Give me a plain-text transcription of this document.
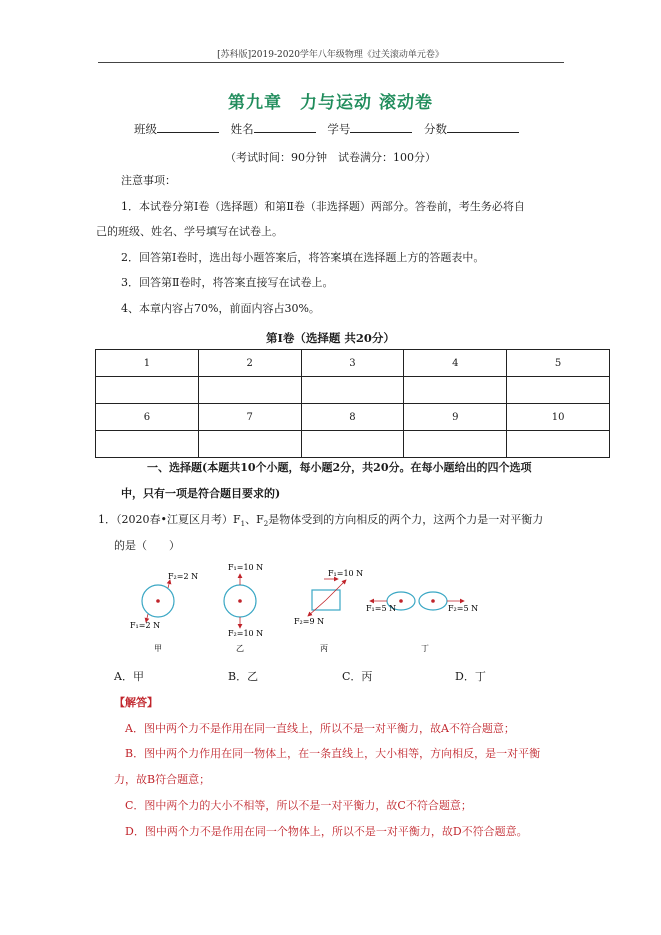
[苏科版]2019-2020学年八年级物理《过关滚动单元卷》
第九章　力与运动 滚动卷
班级	姓名	学号	分数
（考试时间：90分钟　试卷满分：100分）
注意事项：
1．本试卷分第Ⅰ卷（选择题）和第Ⅱ卷（非选择题）两部分。答卷前，考生务必将自
己的班级、姓名、学号填写在试卷上。
2．回答第Ⅰ卷时，选出每小题答案后，将答案填在选择题上方的答题表中。
3．回答第Ⅱ卷时，将答案直接写在试卷上。
4、本章内容占70%，前面内容占30%。
第Ⅰ卷（选择题 共20分）
1	2	3	4	5

6	7	8	9	10

一、选择题(本题共10个小题，每小题2分，共20分。在每小题给出的四个选项
中，只有一项是符合题目要求的)
1．（2020春•江夏区月考）$F_1$、$F_2$是物体受到的方向相反的两个力，这两个力是一对平衡力
的是（　　）
F₂=2 N
F₁=2 N
F₁=10 N
F₂=10 N
F₁=10 N
F₂=9 N
F₁=5 N	F₂=5 N
甲	乙	丙	丁
A．甲	B．乙	C．丙	D．丁
【解答】
A．图中两个力不是作用在同一直线上，所以不是一对平衡力，故A不符合题意；
B．图中两个力作用在同一物体上，在一条直线上，大小相等，方向相反，是一对平衡
力，故B符合题意；
C．图中两个力的大小不相等，所以不是一对平衡力，故C不符合题意；
D．图中两个力不是作用在同一个物体上，所以不是一对平衡力，故D不符合题意。
